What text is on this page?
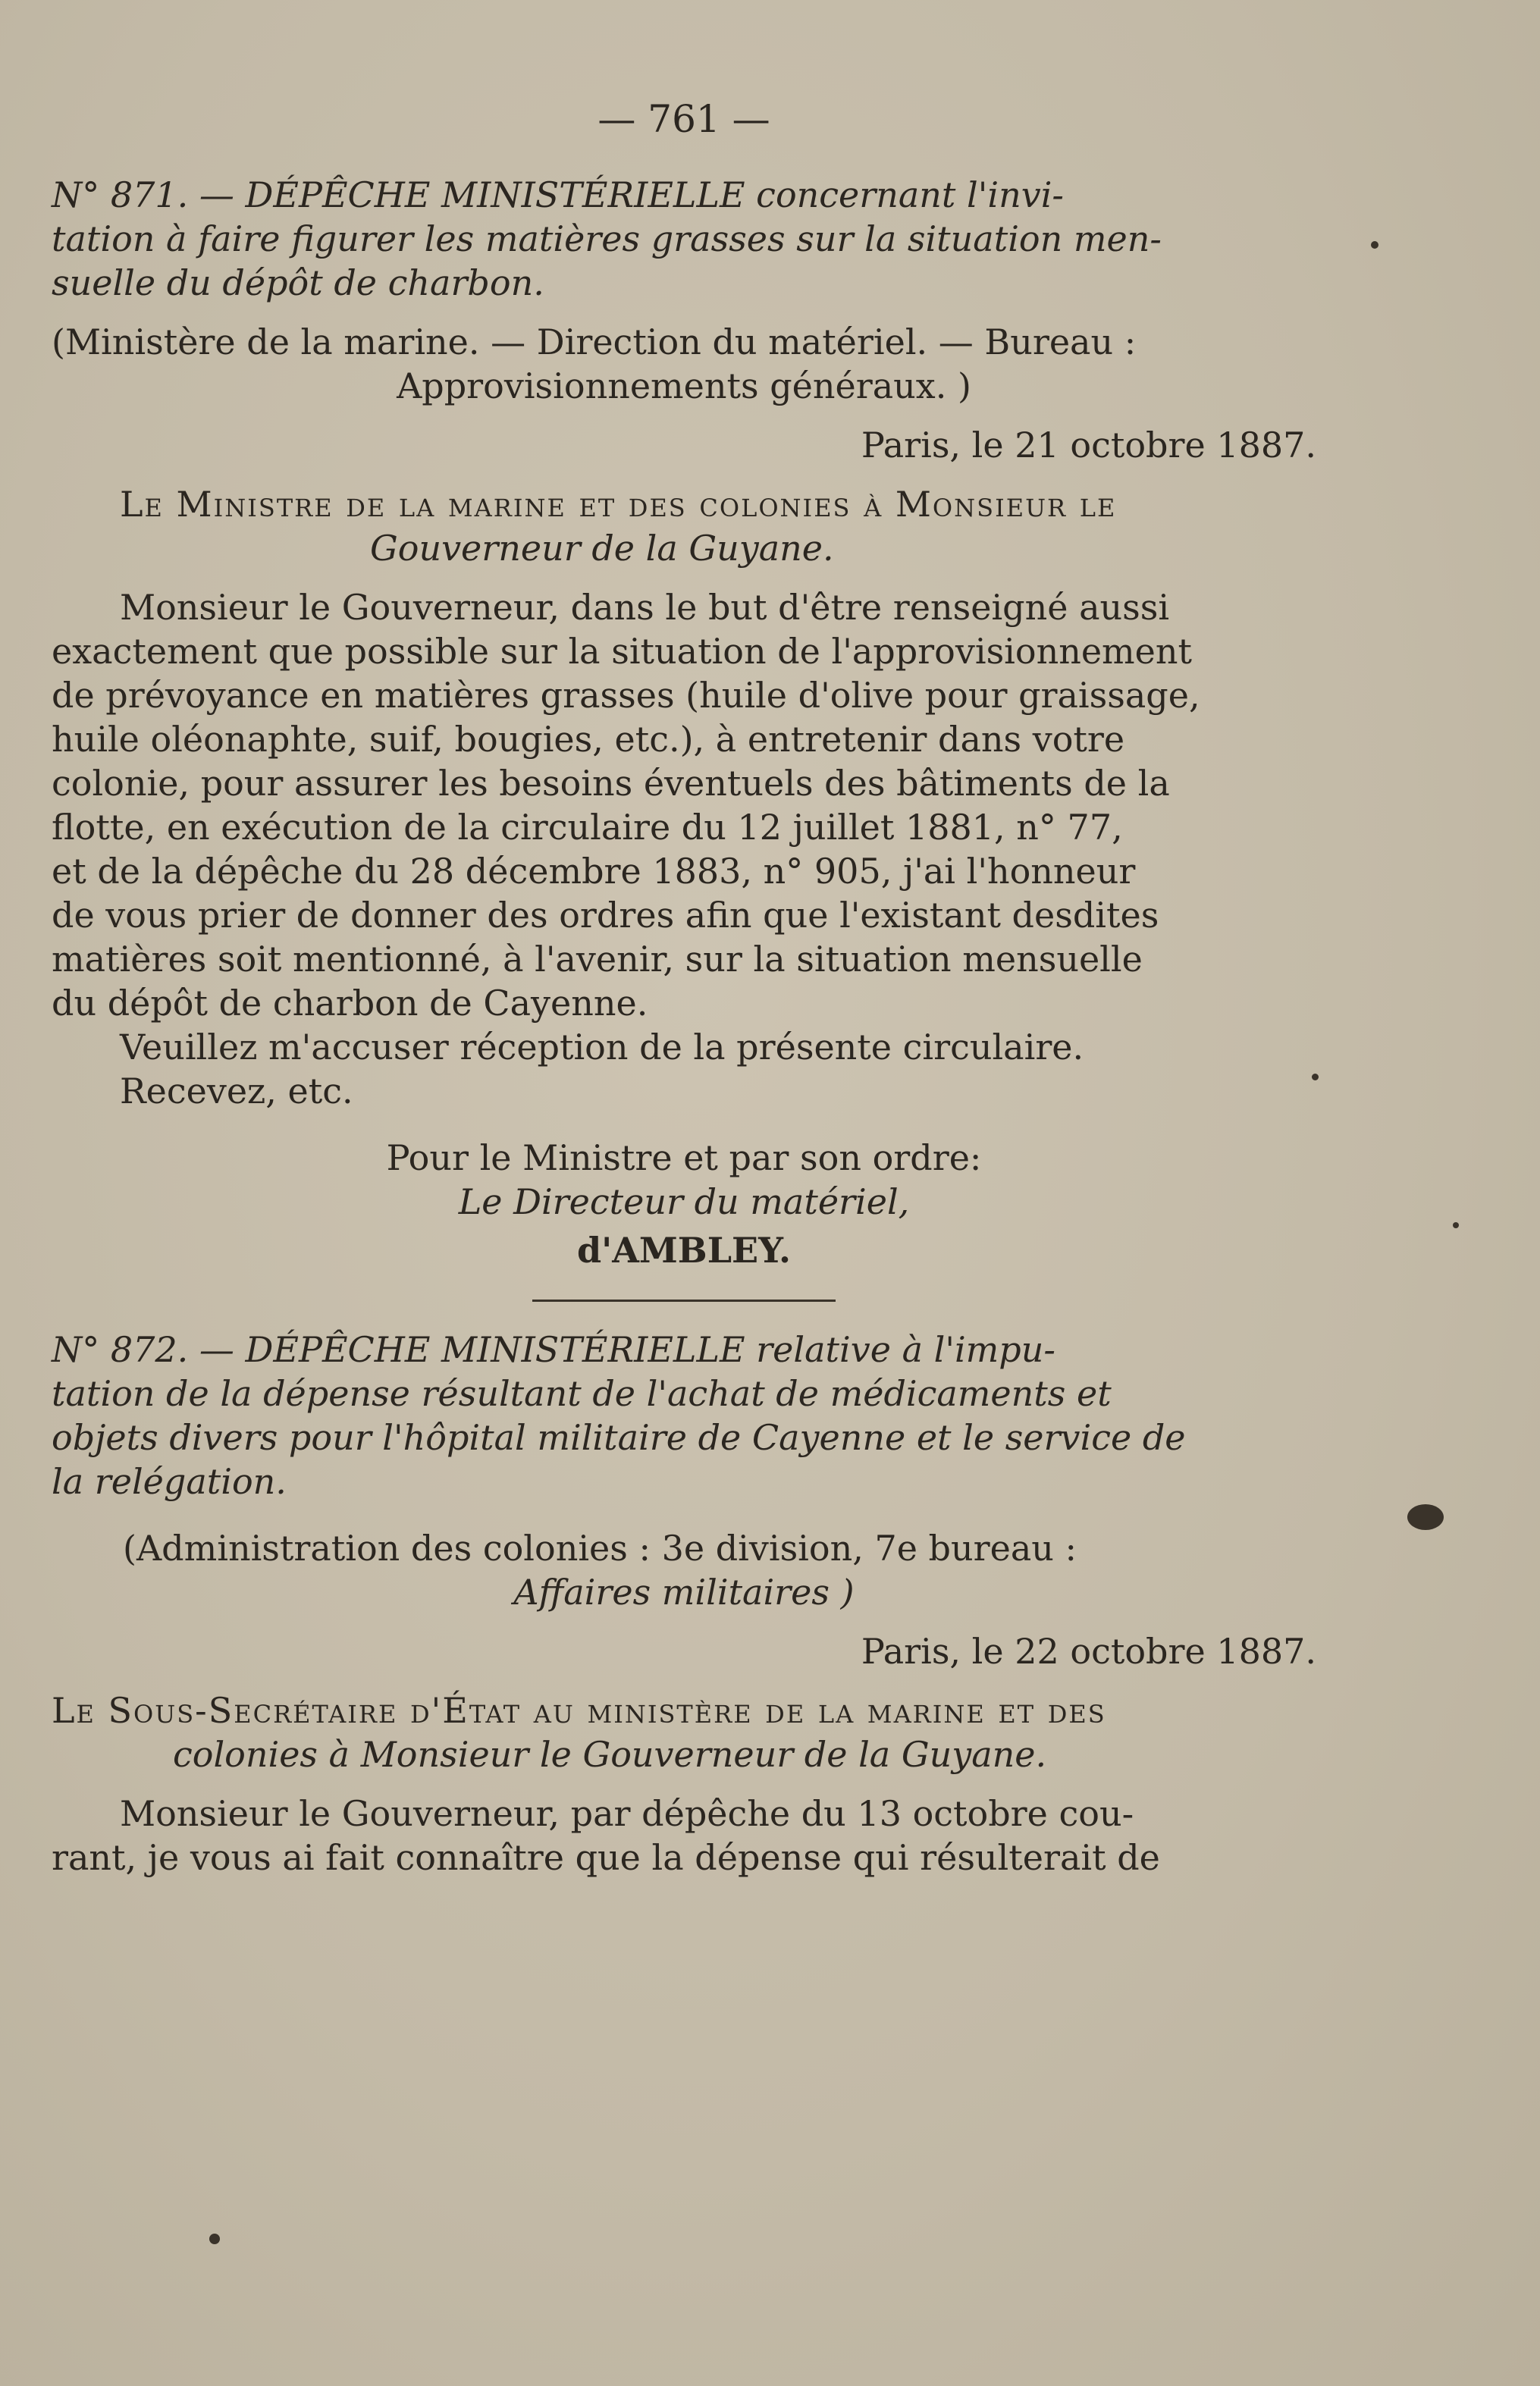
— 761 —

N° 871. — DÉPÊCHE MINISTÉRIELLE concernant l'invi-

tation à faire figurer les matières grasses sur la situation men-

suelle du dépôt de charbon.

(Ministère de la marine. — Direction du matériel. — Bureau :

Approvisionnements généraux. )

Paris, le 21 octobre 1887.

Le Ministre de la marine et des colonies à Monsieur le

Gouverneur de la Guyane.

Monsieur le Gouverneur, dans le but d'être renseigné aussi

exactement que possible sur la situation de l'approvisionnement

de prévoyance en matières grasses (huile d'olive pour graissage,

huile oléonaphte, suif, bougies, etc.), à entretenir dans votre

colonie, pour assurer les besoins éventuels des bâtiments de la

flotte, en exécution de la circulaire du 12 juillet 1881, n° 77,

et de la dépêche du 28 décembre 1883, n° 905, j'ai l'honneur

de vous prier de donner des ordres afin que l'existant desdites

matières soit mentionné, à l'avenir, sur la situation mensuelle

du dépôt de charbon de Cayenne.

Veuillez m'accuser réception de la présente circulaire.

Recevez, etc.

Pour le Ministre et par son ordre:

Le Directeur du matériel,

d'AMBLEY.

N° 872. — DÉPÊCHE MINISTÉRIELLE relative à l'impu-

tation de la dépense résultant de l'achat de médicaments et

objets divers pour l'hôpital militaire de Cayenne et le service de

la relégation.

(Administration des colonies : 3e division, 7e bureau :

Affaires militaires )

Paris, le 22 octobre 1887.

Le Sous-Secrétaire d'État au ministère de la marine et des

colonies à Monsieur le Gouverneur de la Guyane.

Monsieur le Gouverneur, par dépêche du 13 octobre cou-

rant, je vous ai fait connaître que la dépense qui résulterait de
